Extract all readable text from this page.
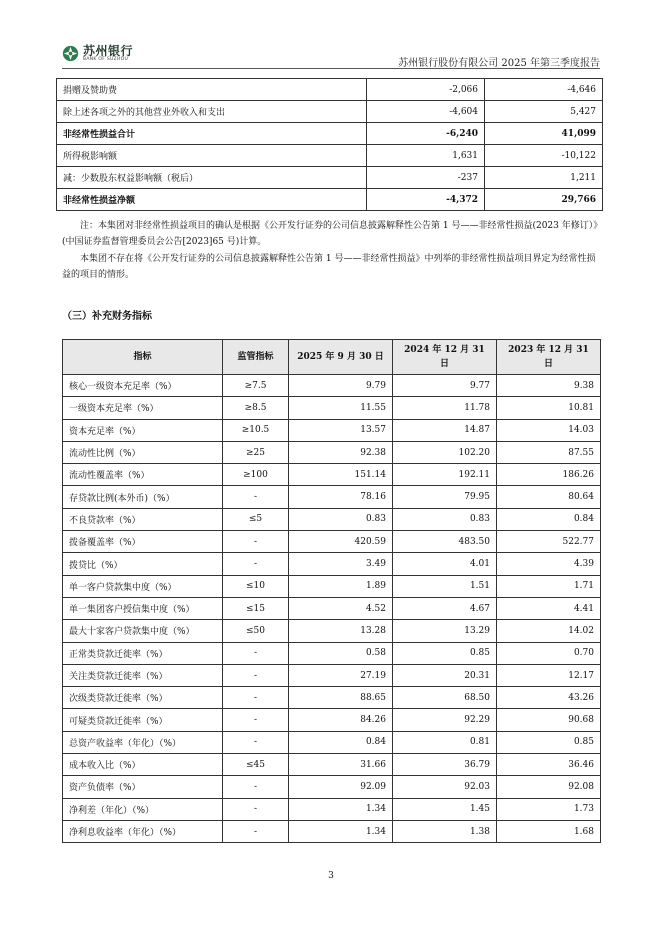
苏州银行
BANK OF SUZHOU	苏州银行股份有限公司 2025 年第三季度报告
捐赠及赞助费	-2,066	-4,646
除上述各项之外的其他营业外收入和支出	-4,604	5,427
非经常性损益合计	-6,240	41,099
所得税影响额	1,631	-10,122
减：少数股东权益影响额（税后）	-237	1,211
非经常性损益净额	-4,372	29,766
注：本集团对非经常性损益项目的确认是根据《公开发行证券的公司信息披露解释性公告第 1 号——非经常性损益(2023 年修订）》(中国证券监督管理委员会公告[2023]65 号)计算。
本集团不存在将《公开发行证券的公司信息披露解释性公告第 1 号——非经常性损益》中列举的非经常性损益项目界定为经常性损益的项目的情形。
（三）补充财务指标
指标	监管指标	2025 年 9 月 30 日	2024 年 12 月 31 日	2023 年 12 月 31 日
核心一级资本充足率（%）	≥7.5	9.79	9.77	9.38
一级资本充足率（%）	≥8.5	11.55	11.78	10.81
资本充足率（%）	≥10.5	13.57	14.87	14.03
流动性比例（%）	≥25	92.38	102.20	87.55
流动性覆盖率（%）	≥100	151.14	192.11	186.26
存贷款比例(本外币)（%）	-	78.16	79.95	80.64
不良贷款率（%）	≤5	0.83	0.83	0.84
拨备覆盖率（%）	-	420.59	483.50	522.77
拨贷比（%）	-	3.49	4.01	4.39
单一客户贷款集中度（%）	≤10	1.89	1.51	1.71
单一集团客户授信集中度（%）	≤15	4.52	4.67	4.41
最大十家客户贷款集中度（%）	≤50	13.28	13.29	14.02
正常类贷款迁徙率（%）	-	0.58	0.85	0.70
关注类贷款迁徙率（%）	-	27.19	20.31	12.17
次级类贷款迁徙率（%）	-	88.65	68.50	43.26
可疑类贷款迁徙率（%）	-	84.26	92.29	90.68
总资产收益率（年化）（%）	-	0.84	0.81	0.85
成本收入比（%）	≤45	31.66	36.79	36.46
资产负债率（%）	-	92.09	92.03	92.08
净利差（年化）（%）	-	1.34	1.45	1.73
净利息收益率（年化）（%）	-	1.34	1.38	1.68
3
